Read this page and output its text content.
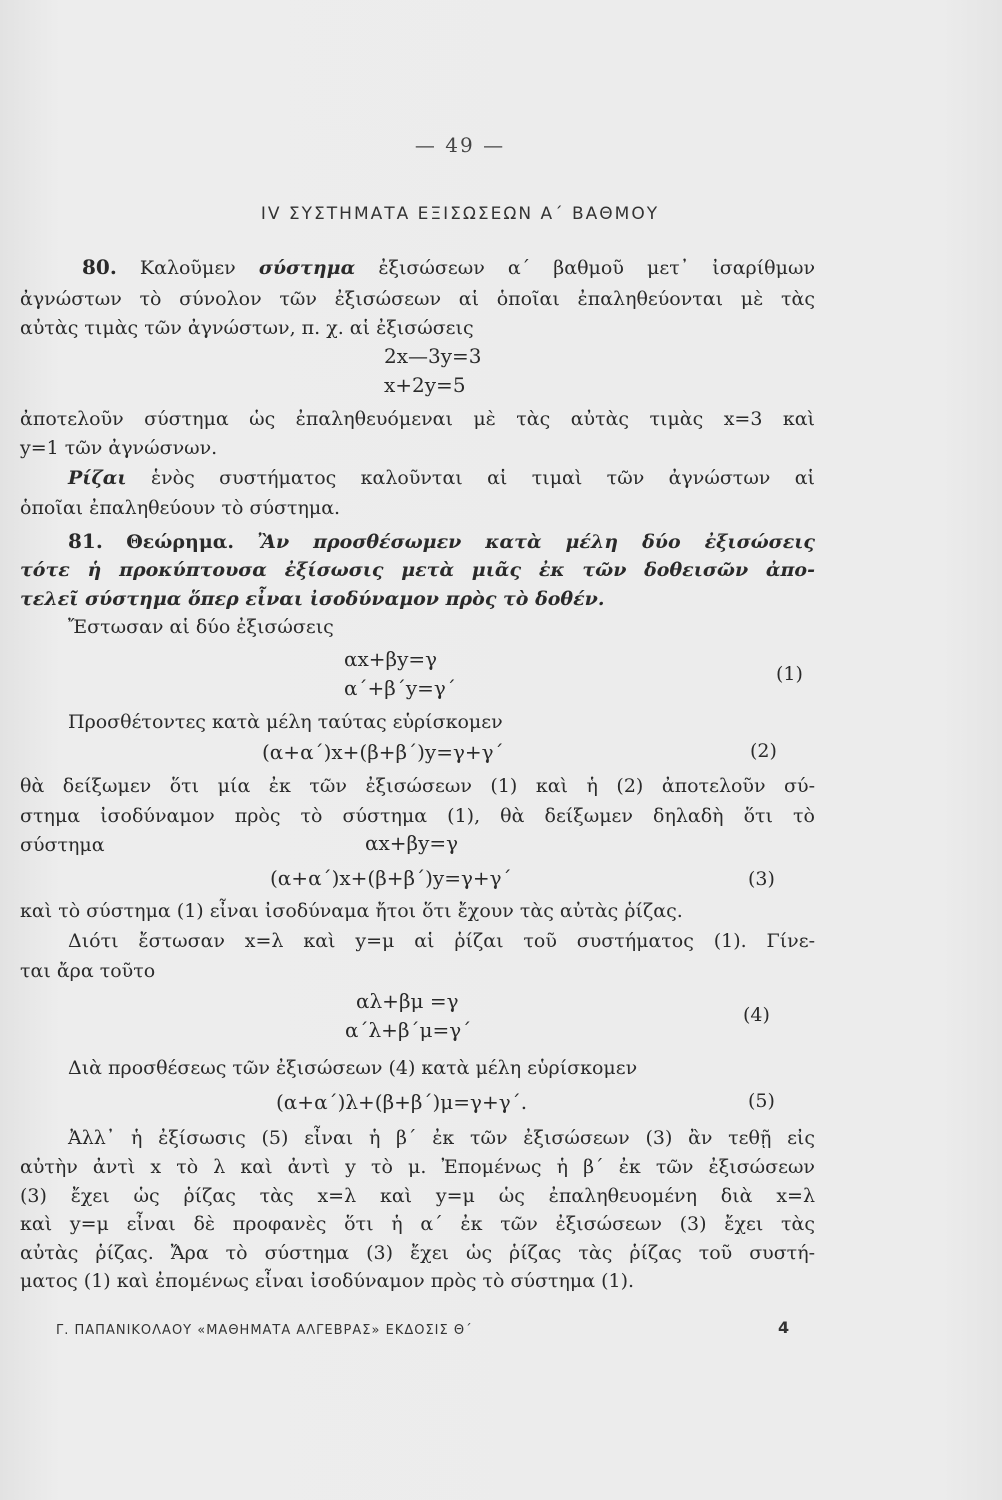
— 49 —
IV ΣΥΣΤΗΜΑΤΑ ΕΞΙΣΩΣΕΩΝ Α΄ ΒΑΘΜΟΥ
80. Καλοῦμεν σύστημα ἐξισώσεων α΄ βαθμοῦ μετ᾽ ἰσαρίθμων
ἀγνώστων τὸ σύνολον τῶν ἐξισώσεων αἱ ὁποῖαι ἐπαληθεύονται μὲ τὰς
αὐτὰς τιμὰς τῶν ἀγνώστων, π. χ. αἱ ἐξισώσεις
2x—3y=3
x+2y=5
ἀποτελοῦν σύστημα ὡς ἐπαληθευόμεναι μὲ τὰς αὐτὰς τιμὰς x=3 καὶ
y=1 τῶν ἀγνώσνων.
Ρίζαι ἑνὸς συστήματος καλοῦνται αἱ τιμαὶ τῶν ἀγνώστων αἱ
ὁποῖαι ἐπαληθεύουν τὸ σύστημα.
81. Θεώρημα. Ἂν προσθέσωμεν κατὰ μέλη δύο ἐξισώσεις
τότε ἡ προκύπτουσα ἐξίσωσις μετὰ μιᾶς ἐκ τῶν δοθεισῶν ἀπο-
τελεῖ σύστημα ὅπερ εἶναι ἰσοδύναμον πρὸς τὸ δοθέν.
Ἔστωσαν αἱ δύο ἐξισώσεις
αx+βy=γ
α΄+β΄y=γ΄
(1)
Προσθέτοντες κατὰ μέλη ταύτας εὑρίσκομεν
(α+α΄)x+(β+β΄)y=γ+γ΄	(2)
θὰ δείξωμεν ὅτι μία ἐκ τῶν ἐξισώσεων (1) καὶ ἡ (2) ἀποτελοῦν σύ-
στημα ἰσοδύναμον πρὸς τὸ σύστημα (1), θὰ δείξωμεν δηλαδὴ ὅτι τὸ
σύστημα	αx+βy=γ
(α+α΄)x+(β+β΄)y=γ+γ΄	(3)
καὶ τὸ σύστημα (1) εἶναι ἰσοδύναμα ἤτοι ὅτι ἔχουν τὰς αὐτὰς ῥίζας.
Διότι ἔστωσαν x=λ καὶ y=μ αἱ ῥίζαι τοῦ συστήματος (1). Γίνε-
ται ἄρα τοῦτο
αλ+βμ =γ
α΄λ+β΄μ=γ΄
(4)
Διὰ προσθέσεως τῶν ἐξισώσεων (4) κατὰ μέλη εὑρίσκομεν
(α+α΄)λ+(β+β΄)μ=γ+γ΄.	(5)
Ἀλλ᾽ ἡ ἐξίσωσις (5) εἶναι ἡ β΄ ἐκ τῶν ἐξισώσεων (3) ἂν τεθῇ εἰς
αὐτὴν ἀντὶ x τὸ λ καὶ ἀντὶ y τὸ μ. Ἐπομένως ἡ β΄ ἐκ τῶν ἐξισώσεων
(3) ἔχει ὡς ῥίζας τὰς x=λ καὶ y=μ ὡς ἐπαληθευομένη διὰ x=λ
καὶ y=μ εἶναι δὲ προφανὲς ὅτι ἡ α΄ ἐκ τῶν ἐξισώσεων (3) ἔχει τὰς
αὐτὰς ῥίζας. Ἄρα τὸ σύστημα (3) ἔχει ὡς ῥίζας τὰς ῥίζας τοῦ συστή-
ματος (1) καὶ ἐπομένως εἶναι ἰσοδύναμον πρὸς τὸ σύστημα (1).
Γ. ΠΑΠΑΝΙΚΟΛΑΟΥ «ΜΑΘΗΜΑΤΑ ΑΛΓΕΒΡΑΣ» ΕΚΔΟΣΙΣ Θ΄	4
